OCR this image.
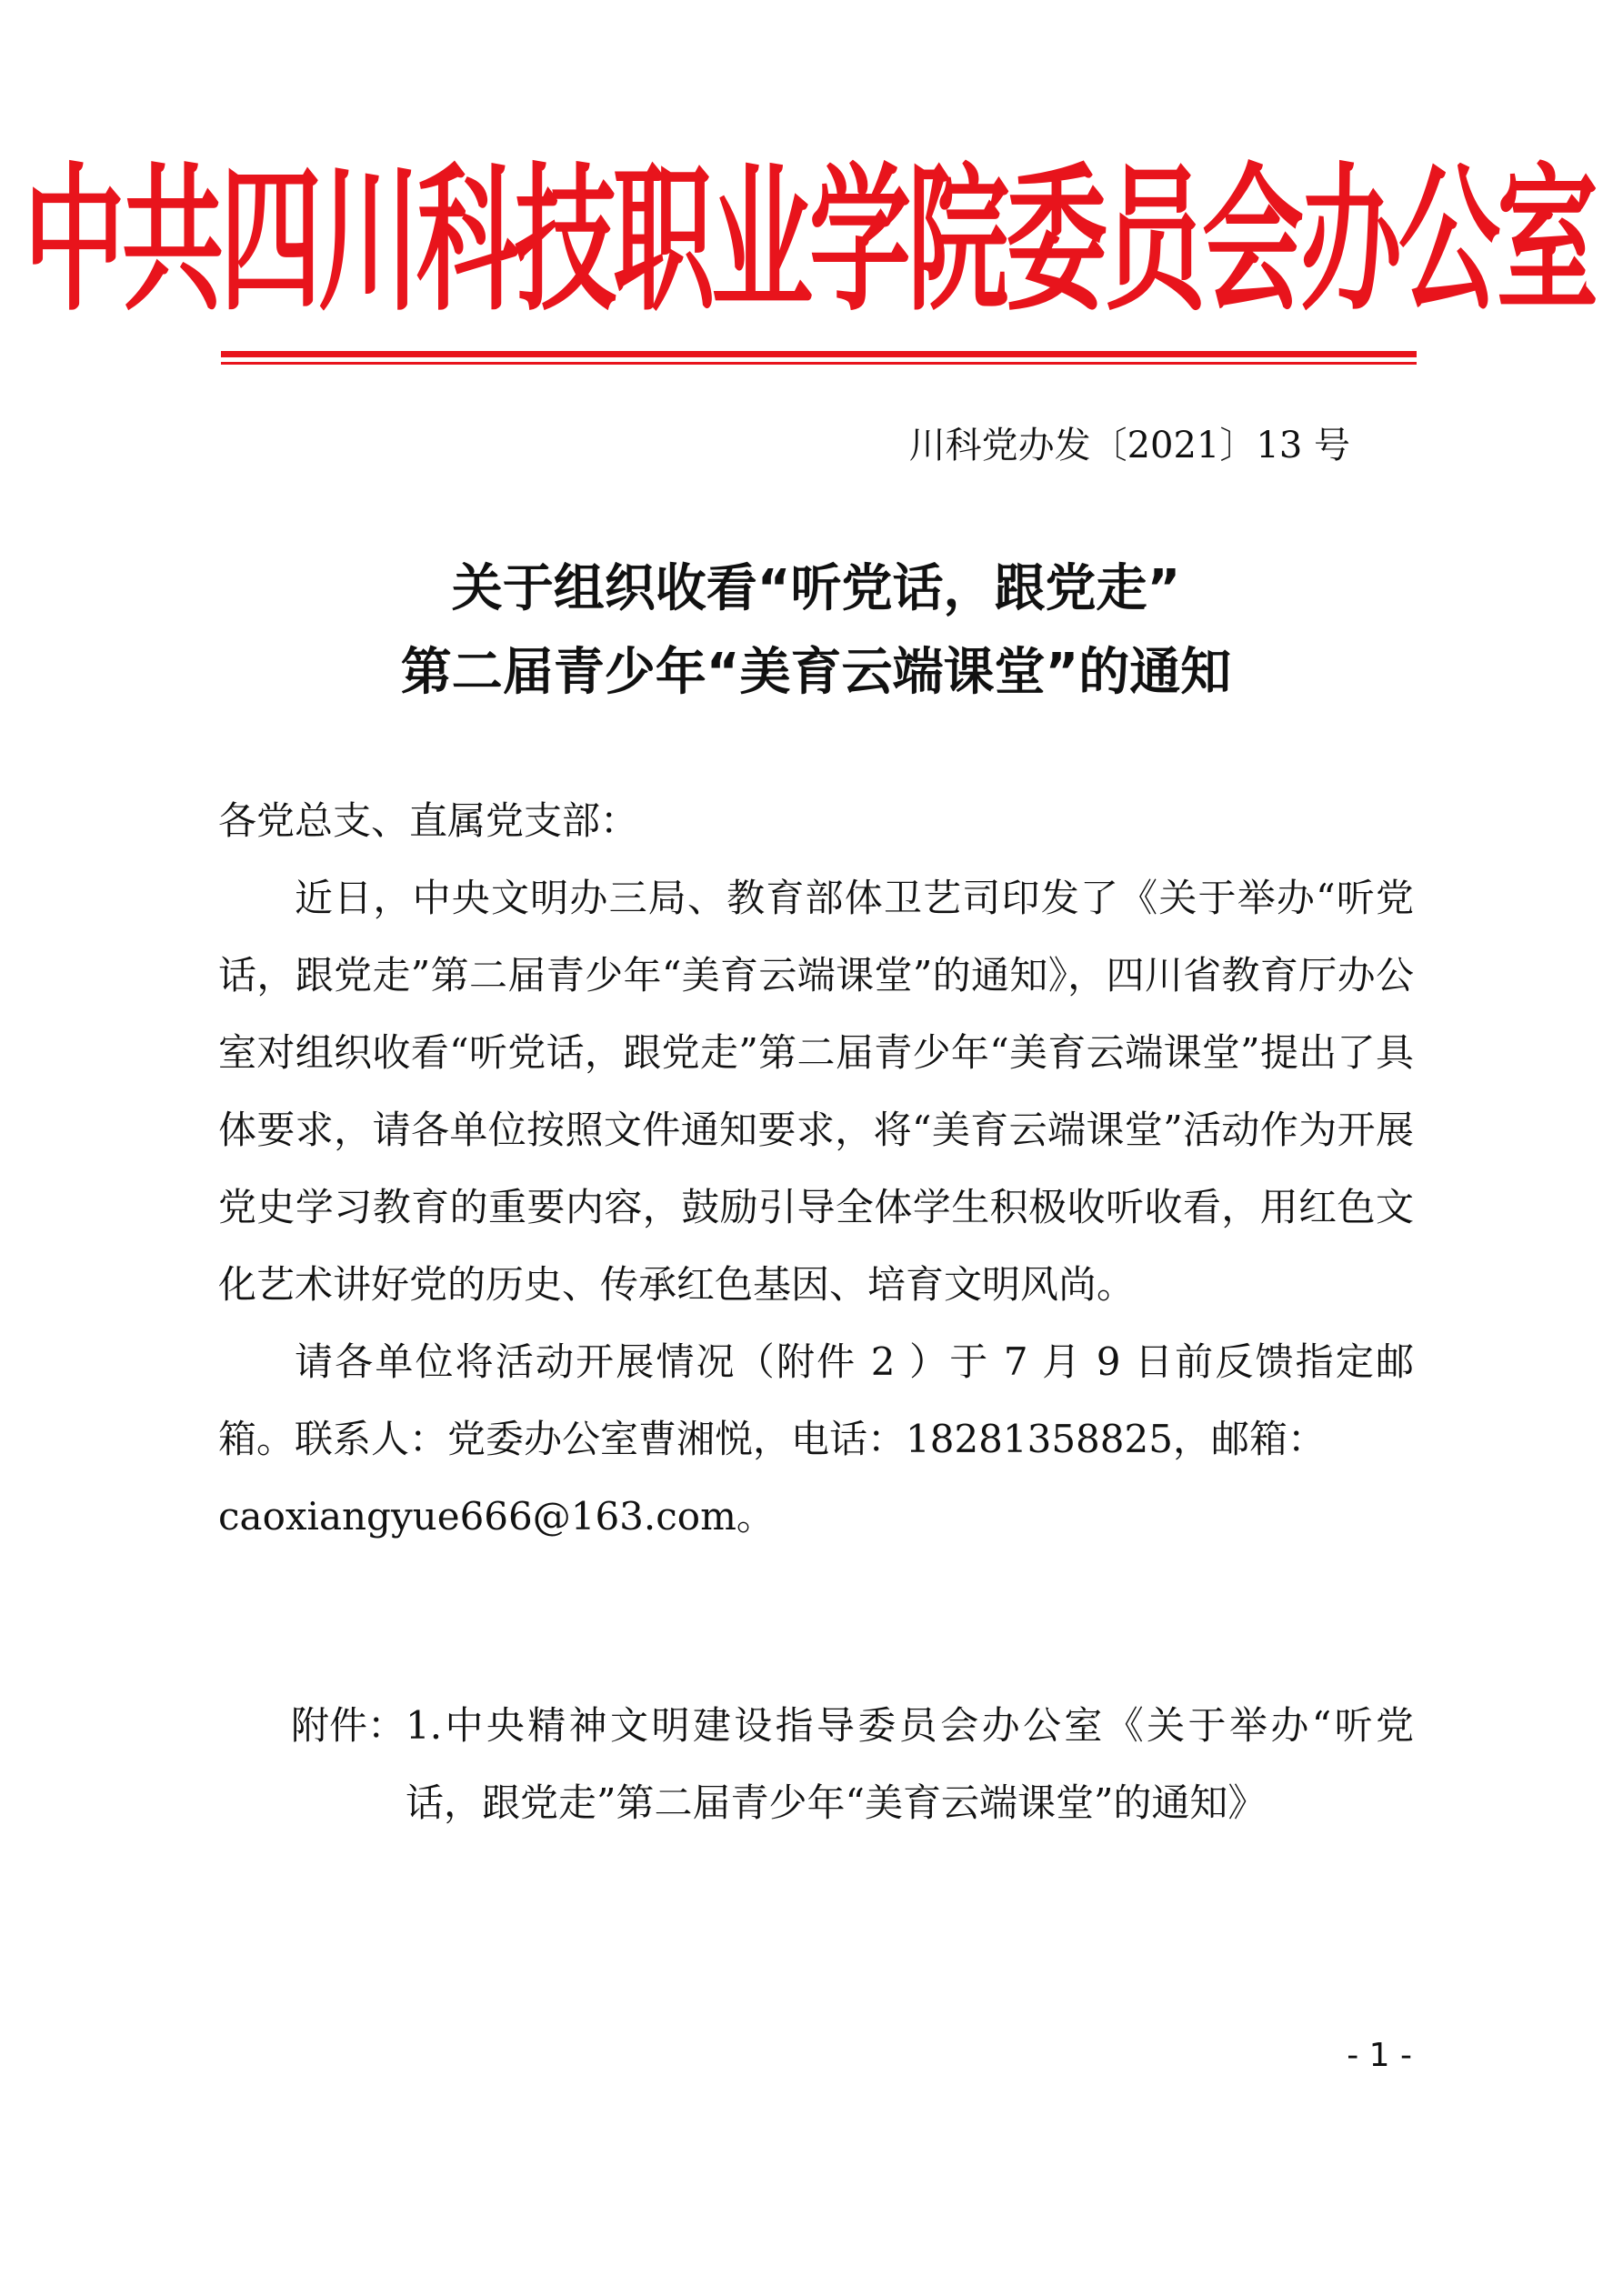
中共四川科技职业学院委员会办公室
川科党办发〔2021〕13 号
关于组织收看“听党话，跟党走”
第二届青少年“美育云端课堂”的通知

各党总支、直属党支部：

近日，中央文明办三局、教育部体卫艺司印发了《关于举办“听党话，跟党走”第二届青少年“美育云端课堂”的通知》，四川省教育厅办公室对组织收看“听党话，跟党走”第二届青少年“美育云端课堂”提出了具体要求，请各单位按照文件通知要求，将“美育云端课堂”活动作为开展党史学习教育的重要内容，鼓励引导全体学生积极收听收看，用红色文化艺术讲好党的历史、传承红色基因、培育文明风尚。

请各单位将活动开展情况（附件 2 ）于 7 月 9 日前反馈指定邮箱。联系人：党委办公室曹湘悦，电话：18281358825，邮箱：

caoxiangyue666@163.com。

附件： 1.中央精神文明建设指导委员会办公室《关于举办“听党话，跟党走”第二届青少年“美育云端课堂”的通知》
- 1 -
